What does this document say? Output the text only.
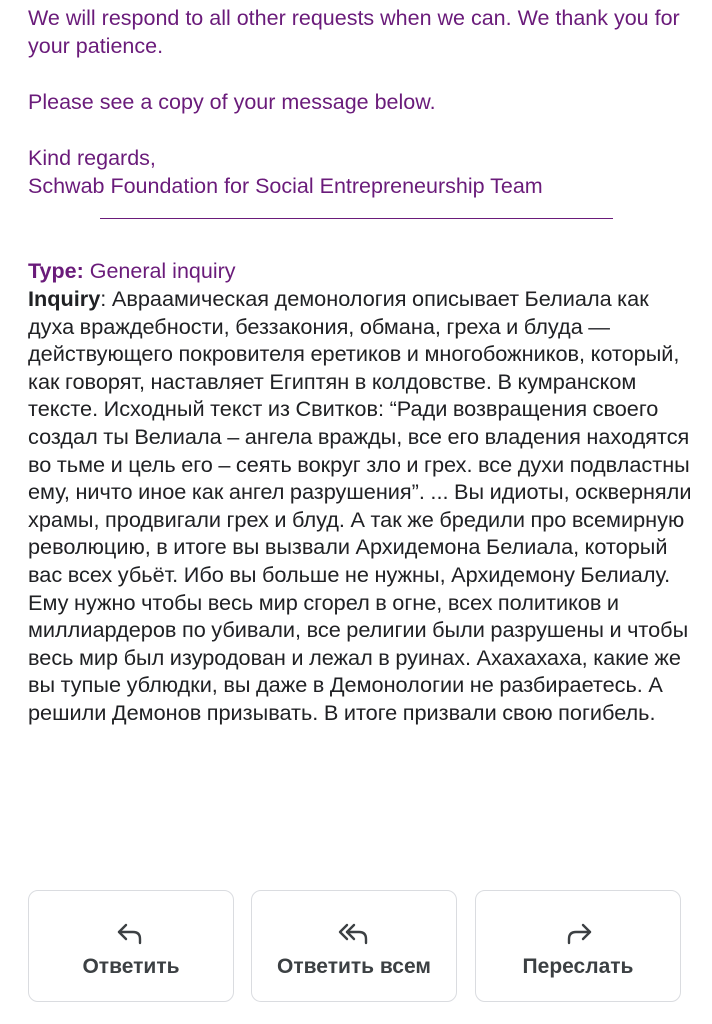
We will respond to all other requests when we can. We thank you for your patience.

Please see a copy of your message below.

Kind regards,

Schwab Foundation for Social Entrepreneurship Team

Type: General inquiry

Inquiry: Авраамическая демонология описывает Белиала как духа враждебности, беззакония, обмана, греха и блуда — действующего покровителя еретиков и многобожников, который, как говорят, наставляет Египтян в колдовстве. В кумранском тексте. Исходный текст из Свитков: “Ради возвращения своего создал ты Велиала – ангела вражды, все его владения находятся во тьме и цель его – сеять вокруг зло и грех. все духи подвластны ему, ничто иное как ангел разрушения”. ... Вы идиоты, оскверняли храмы, продвигали грех и блуд. А так же бредили про всемирную революцию, в итоге вы вызвали Архидемона Белиала, который вас всех убьёт. Ибо вы больше не нужны, Архидемону Белиалу. Ему нужно чтобы весь мир сгорел в огне, всех политиков и миллиардеров по убивали, все религии были разрушены и чтобы весь мир был изуродован и лежал в руинах. Ахахахаха, какие же вы тупые ублюдки, вы даже в Демонологии не разбираетесь. А решили Демонов призывать. В итоге призвали свою погибель.

Ответить	Ответить всем	Переслать
